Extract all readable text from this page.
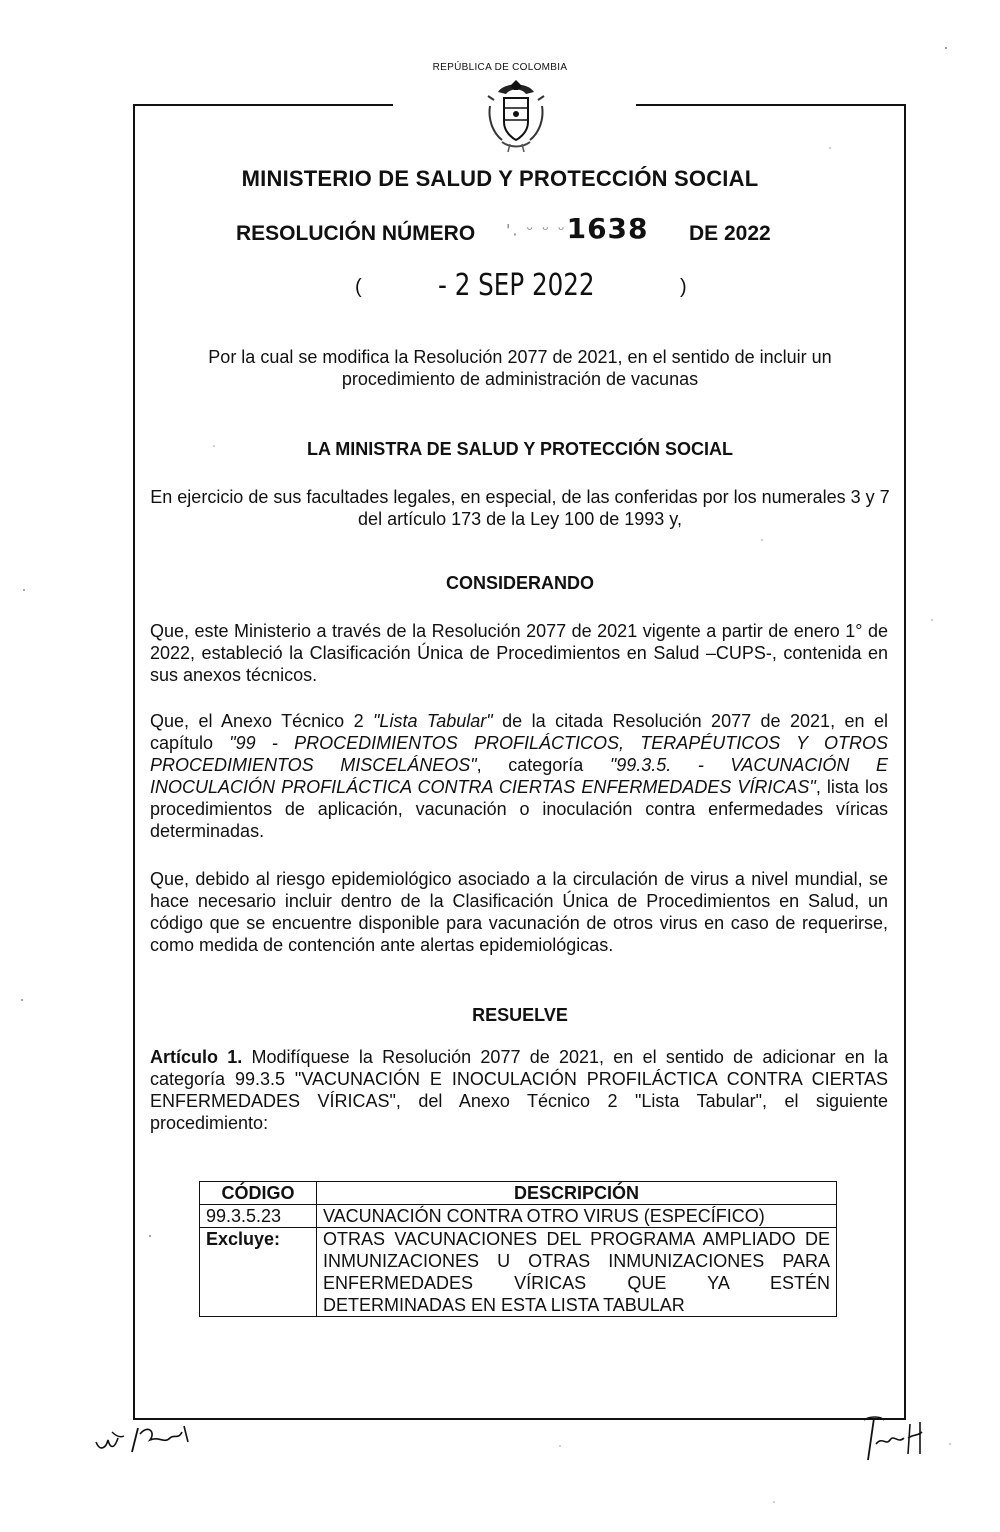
REPÚBLICA DE COLOMBIA
MINISTERIO DE SALUD Y PROTECCIÓN SOCIAL
RESOLUCIÓN NÚMERO '. ᵕ ᵕ ᵕ1638 DE 2022
(	- 2 SEP 2022	)
Por la cual se modifica la Resolución 2077 de 2021, en el sentido de incluir un procedimiento de administración de vacunas
LA MINISTRA DE SALUD Y PROTECCIÓN SOCIAL
En ejercicio de sus facultades legales, en especial, de las conferidas por los numerales 3 y 7 del artículo 173 de la Ley 100 de 1993 y,
CONSIDERANDO
Que, este Ministerio a través de la Resolución 2077 de 2021 vigente a partir de enero 1° de 2022, estableció la Clasificación Única de Procedimientos en Salud –CUPS-, contenida en sus anexos técnicos.
Que, el Anexo Técnico 2 "Lista Tabular" de la citada Resolución 2077 de 2021, en el capítulo "99 - PROCEDIMIENTOS PROFILÁCTICOS, TERAPÉUTICOS Y OTROS PROCEDIMIENTOS MISCELÁNEOS", categoría "99.3.5. - VACUNACIÓN E INOCULACIÓN PROFILÁCTICA CONTRA CIERTAS ENFERMEDADES VÍRICAS", lista los procedimientos de aplicación, vacunación o inoculación contra enfermedades víricas determinadas.
Que, debido al riesgo epidemiológico asociado a la circulación de virus a nivel mundial, se hace necesario incluir dentro de la Clasificación Única de Procedimientos en Salud, un código que se encuentre disponible para vacunación de otros virus en caso de requerirse, como medida de contención ante alertas epidemiológicas.
RESUELVE
Artículo 1. Modifíquese la Resolución 2077 de 2021, en el sentido de adicionar en la categoría 99.3.5 "VACUNACIÓN E INOCULACIÓN PROFILÁCTICA CONTRA CIERTAS ENFERMEDADES VÍRICAS", del Anexo Técnico 2 "Lista Tabular", el siguiente procedimiento:
CÓDIGO	DESCRIPCIÓN
99.3.5.23	VACUNACIÓN CONTRA OTRO VIRUS (ESPECÍFICO)
Excluye:	OTRAS VACUNACIONES DEL PROGRAMA AMPLIADO DE INMUNIZACIONES U OTRAS INMUNIZACIONES PARA ENFERMEDADES VÍRICAS QUE YA ESTÉN DETERMINADAS EN ESTA LISTA TABULAR
